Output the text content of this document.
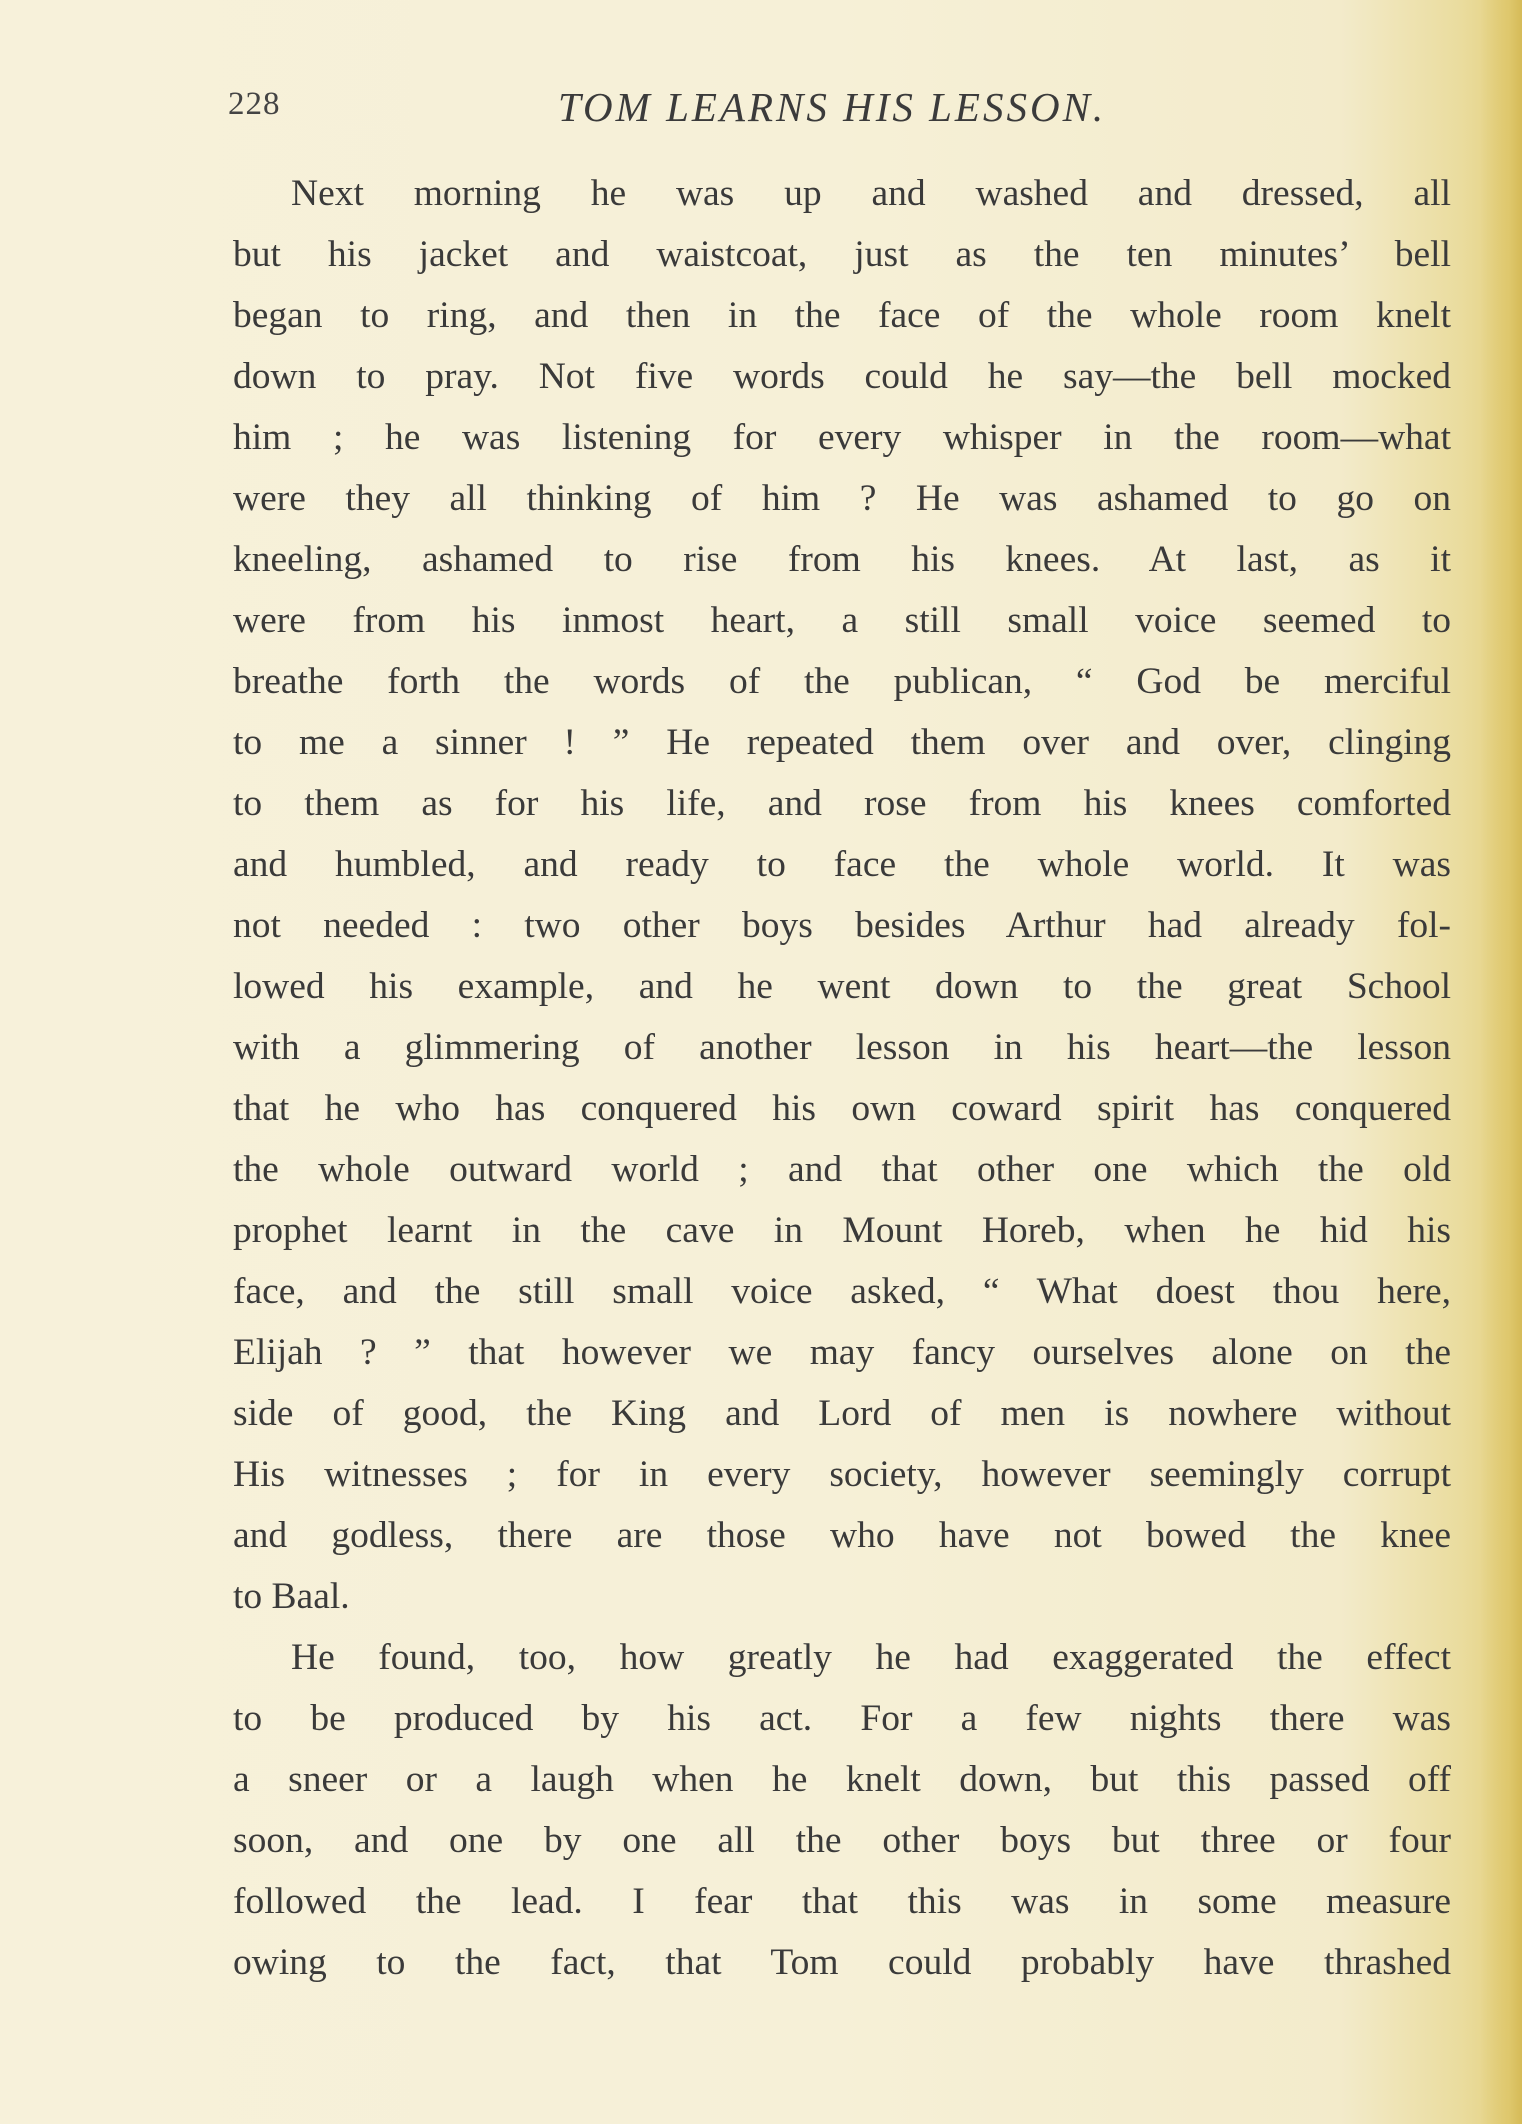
228	TOM LEARNS HIS LESSON.
Next morning he was up and washed and dressed, all
but his jacket and waistcoat, just as the ten minutes’ bell
began to ring, and then in the face of the whole room knelt
down to pray. Not five words could he say—the bell mocked
him ; he was listening for every whisper in the room—what
were they all thinking of him ? He was ashamed to go on
kneeling, ashamed to rise from his knees. At last, as it
were from his inmost heart, a still small voice seemed to
breathe forth the words of the publican, “ God be merciful
to me a sinner ! ” He repeated them over and over, clinging
to them as for his life, and rose from his knees comforted
and humbled, and ready to face the whole world. It was
not needed : two other boys besides Arthur had already fol-
lowed his example, and he went down to the great School
with a glimmering of another lesson in his heart—the lesson
that he who has conquered his own coward spirit has conquered
the whole outward world ; and that other one which the old
prophet learnt in the cave in Mount Horeb, when he hid his
face, and the still small voice asked, “ What doest thou here,
Elijah ? ” that however we may fancy ourselves alone on the
side of good, the King and Lord of men is nowhere without
His witnesses ; for in every society, however seemingly corrupt
and godless, there are those who have not bowed the knee
to Baal.
He found, too, how greatly he had exaggerated the effect
to be produced by his act. For a few nights there was
a sneer or a laugh when he knelt down, but this passed off
soon, and one by one all the other boys but three or four
followed the lead. I fear that this was in some measure
owing to the fact, that Tom could probably have thrashed
